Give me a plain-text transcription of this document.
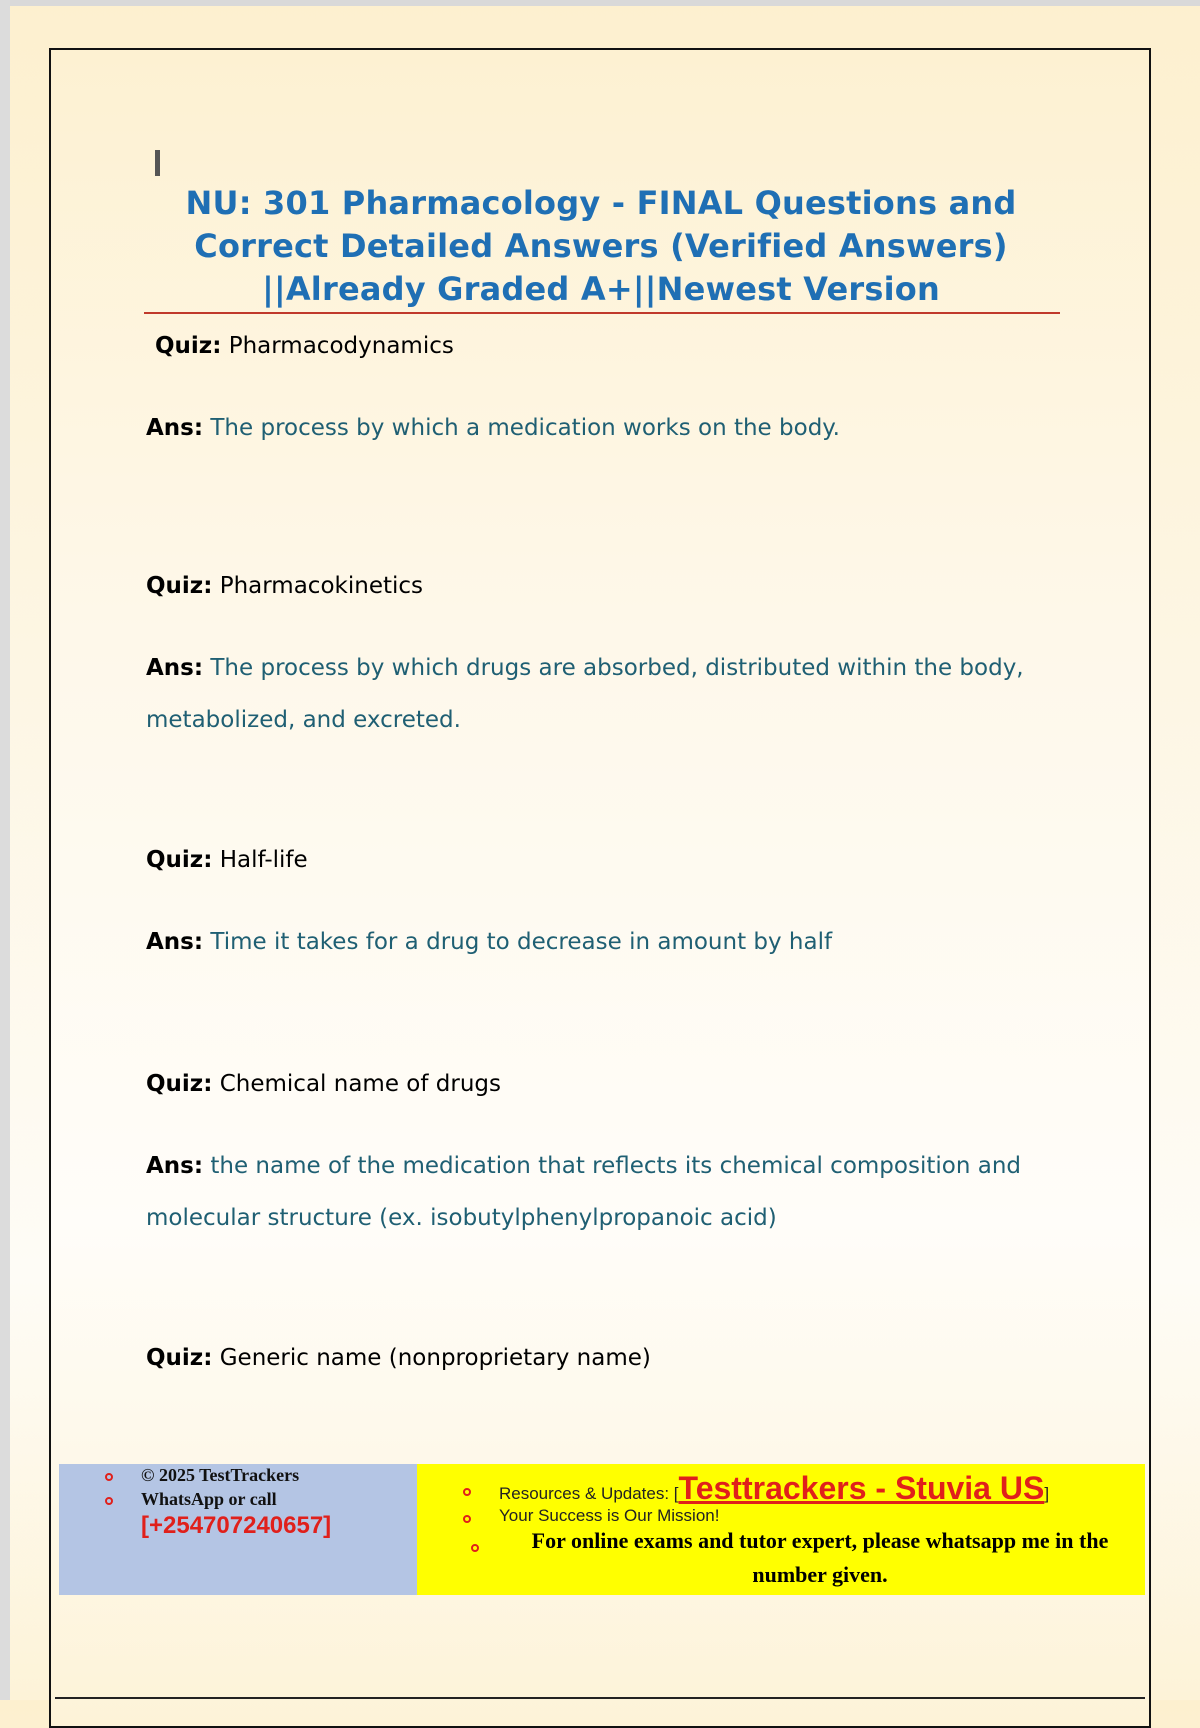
NU: 301 Pharmacology - FINAL Questions and
Correct Detailed Answers (Verified Answers)
||Already Graded A+||Newest Version
Quiz: Pharmacodynamics
Ans: The process by which a medication works on the body.
Quiz: Pharmacokinetics
Ans: The process by which drugs are absorbed, distributed within the body, metabolized, and excreted.
Quiz: Half-life
Ans: Time it takes for a drug to decrease in amount by half
Quiz: Chemical name of drugs
Ans: the name of the medication that reflects its chemical composition and molecular structure (ex. isobutylphenylpropanoic acid)
Quiz: Generic name (nonproprietary name)
© 2025 TestTrackers
WhatsApp or call
[+254707240657]
Resources & Updates: [Testtrackers - Stuvia US]
Your Success is Our Mission!
For online exams and tutor expert, please whatsapp me in the number given.
